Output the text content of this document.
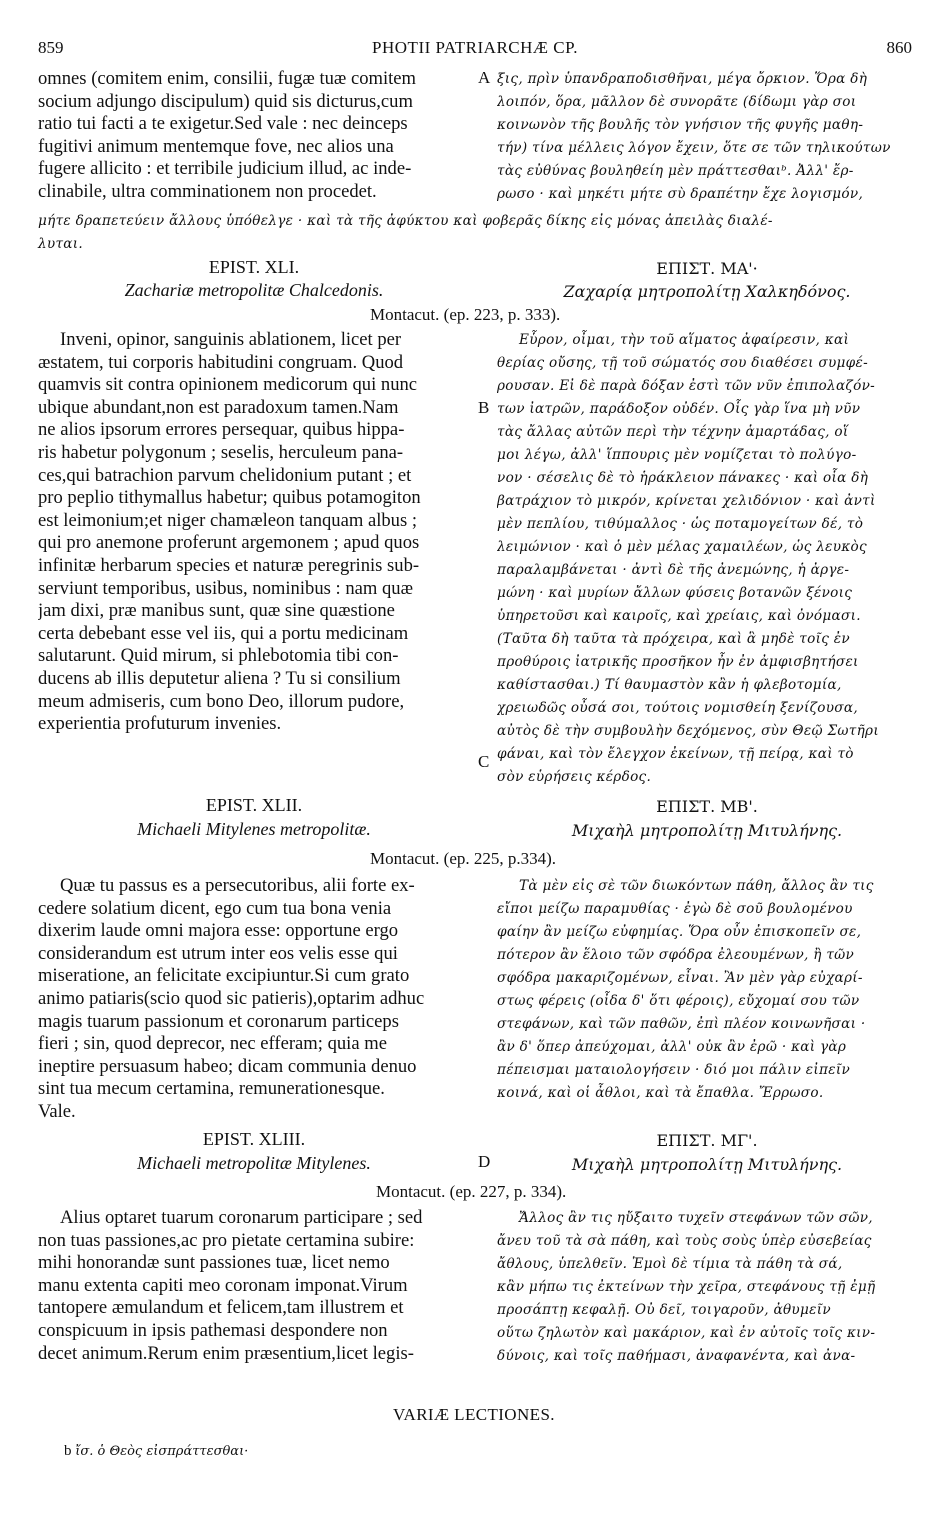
859	PHOTII PATRIARCHÆ CP.	860
omnes (comitem enim, consilii, fugæ tuæ comitem
socium adjungo discipulum) quid sis dicturus,cum
ratio tui facti a te exigetur.Sed vale : nec deinceps
fugitivi animum mentemque fove, nec alios una
fugere allicito : et terribile judicium illud, ac inde-
clinabile, ultra comminationem non procedet.
A ξις, πρὶν ὑπανδραποδισθῆναι, μέγα ὄρκιον. Ὅρα δὴ
λοιπόν, ὅρα, μᾶλλον δὲ συνορᾶτε (δίδωμι γὰρ σοι
κοινωνὸν τῆς βουλῆς τὸν γνήσιον τῆς φυγῆς μαθη-
τήν) τίνα μέλλεις λόγον ἔχειν, ὅτε σε τῶν τηλικούτων
τὰς εὐθύνας βουληθείη μὲν πράττεσθαιᵇ. Ἀλλ' ἔρ-
ρωσο · καὶ μηκέτι μήτε σὺ δραπέτην ἔχε λογισμόν,
μήτε δραπετεύειν ἄλλους ὑπόθελγε · καὶ τὰ τῆς ἀφύκτου καὶ φοβερᾶς δίκης εἰς μόνας ἀπειλὰς διαλέ-
λυται.
EPIST. XLI.
Zachariæ metropolitæ Chalcedonis.
ΕΠΙΣΤ. ΜΑ'·
Ζαχαρίᾳ μητροπολίτῃ Χαλκηδόνος.
Montacut. (ep. 223, p. 333).
Inveni, opinor, sanguinis ablationem, licet per
æstatem, tui corporis habitudini congruam. Quod
quamvis sit contra opinionem medicorum qui nunc
ubique abundant,non est paradoxum tamen.Nam
ne alios ipsorum errores persequar, quibus hippa-
ris habetur polygonum ; seselis, herculeum pana-
ces,qui batrachion parvum chelidonium putant ; et
pro peplio tithymallus habetur; quibus potamogiton
est leimonium;et niger chamæleon tanquam albus ;
qui pro anemone proferunt argemonem ; apud quos
infinitæ herbarum species et naturæ peregrinis sub-
serviunt temporibus, usibus, nominibus : nam quæ
jam dixi, præ manibus sunt, quæ sine quæstione
certa debebant esse vel iis, qui a portu medicinam
salutarunt. Quid mirum, si phlebotomia tibi con-
ducens ab illis deputetur aliena ? Tu si consilium
meum admiseris, cum bono Deo, illorum pudore,
experientia profuturum invenies.
B
C
Εὗρον, οἶμαι, τὴν τοῦ αἵματος ἀφαίρεσιν, καὶ
θερίας οὔσης, τῇ τοῦ σώματός σου διαθέσει συμφέ-
ρουσαν. Εἰ δὲ παρὰ δόξαν ἐστὶ τῶν νῦν ἐπιπολαζόν-
των ἰατρῶν, παράδοξον οὐδέν. Οἷς γὰρ ἵνα μὴ νῦν
τὰς ἄλλας αὐτῶν περὶ τὴν τέχνην ἁμαρτάδας, οἵ
μοι λέγω, ἀλλ' ἵππουρις μὲν νομίζεται τὸ πολύγο-
νον · σέσελις δὲ τὸ ἡράκλειον πάνακες · καὶ οἷα δὴ
βατράχιον τὸ μικρόν, κρίνεται χελιδόνιον · καὶ ἀντὶ
μὲν πεπλίου, τιθύμαλλος · ὡς ποταμογείτων δέ, τὸ
λειμώνιον · καὶ ὁ μὲν μέλας χαμαιλέων, ὡς λευκὸς
παραλαμβάνεται · ἀντὶ δὲ τῆς ἀνεμώνης, ἡ ἀργε-
μώνη · καὶ μυρίων ἄλλων φύσεις βοτανῶν ξένοις
ὑπηρετοῦσι καὶ καιροῖς, καὶ χρείαις, καὶ ὀνόμασι.
(Ταῦτα δὴ ταῦτα τὰ πρόχειρα, καὶ ἃ μηδὲ τοῖς ἐν
προθύροις ἰατρικῆς προσῆκον ἦν ἐν ἀμφισβητήσει
καθίστασθαι.) Τί θαυμαστὸν κἂν ἡ φλεβοτομία,
χρειωδῶς οὖσά σοι, τούτοις νομισθείη ξενίζουσα,
αὐτὸς δὲ τὴν συμβουλὴν δεχόμενος, σὺν Θεῷ Σωτῆρι
φάναι, καὶ τὸν ἔλεγχον ἐκείνων, τῇ πείρᾳ, καὶ τὸ
σὸν εὑρήσεις κέρδος.
EPIST. XLII.
Michaeli Mitylenes metropolitæ.
ΕΠΙΣΤ. ΜΒ'.
Μιχαὴλ μητροπολίτῃ Μιτυλήνης.
Montacut. (ep. 225, p.334).
Quæ tu passus es a persecutoribus, alii forte ex-
cedere solatium dicent, ego cum tua bona venia
dixerim laude omni majora esse: opportune ergo
considerandum est utrum inter eos velis esse qui
miseratione, an felicitate excipiuntur.Si cum grato
animo patiaris(scio quod sic patieris),optarim adhuc
magis tuarum passionum et coronarum particeps
fieri ; sin, quod deprecor, nec efferam; quia me
ineptire persuasum habeo; dicam communia denuo
sint tua mecum certamina, remunerationesque.
Vale.
Τὰ μὲν εἰς σὲ τῶν διωκόντων πάθη, ἄλλος ἂν τις
εἴποι μείζω παραμυθίας · ἐγὼ δὲ σοῦ βουλομένου
φαίην ἂν μείζω εὐφημίας. Ὅρα οὖν ἐπισκοπεῖν σε,
πότερον ἂν ἕλοιο τῶν σφόδρα ἐλεουμένων, ἢ τῶν
σφόδρα μακαριζομένων, εἶναι. Ἂν μὲν γὰρ εὐχαρί-
στως φέρεις (οἶδα δ' ὅτι φέροις), εὔχομαί σου τῶν
στεφάνων, καὶ τῶν παθῶν, ἐπὶ πλέον κοινωνῆσαι ·
ἂν δ' ὅπερ ἀπεύχομαι, ἀλλ' οὐκ ἂν ἐρῶ · καὶ γὰρ
πέπεισμαι ματαιολογήσειν · διό μοι πάλιν εἰπεῖν
κοινά, καὶ οἱ ἆθλοι, καὶ τὰ ἔπαθλα. Ἔρρωσο.
EPIST. XLIII.
Michaeli metropolitæ Mitylenes.	D
ΕΠΙΣΤ. ΜΓ'.
Μιχαὴλ μητροπολίτῃ Μιτυλήνης.
Montacut. (ep. 227, p. 334).
Alius optaret tuarum coronarum participare ; sed
non tuas passiones,ac pro pietate certamina subire:
mihi honorandæ sunt passiones tuæ, licet nemo
manu extenta capiti meo coronam imponat.Virum
tantopere æmulandum et felicem,tam illustrem et
conspicuum in ipsis pathemasi despondere non
decet animum.Rerum enim præsentium,licet legis-
Ἄλλος ἂν τις ηὔξαιτο τυχεῖν στεφάνων τῶν σῶν,
ἄνευ τοῦ τὰ σὰ πάθη, καὶ τοὺς σοὺς ὑπὲρ εὐσεβείας
ἄθλους, ὑπελθεῖν. Ἐμοὶ δὲ τίμια τὰ πάθη τὰ σά,
κἂν μήπω τις ἐκτείνων τὴν χεῖρα, στεφάνους τῇ ἐμῇ
προσάπτῃ κεφαλῇ. Οὐ δεῖ, τοιγαροῦν, ἀθυμεῖν
οὕτω ζηλωτὸν καὶ μακάριον, καὶ ἐν αὐτοῖς τοῖς κιν-
δύνοις, καὶ τοῖς παθήμασι, ἀναφανέντα, καὶ ἀνα-
VARIÆ LECTIONES.
b ἴσ. ὁ Θεὸς εἰσπράττεσθαι·
